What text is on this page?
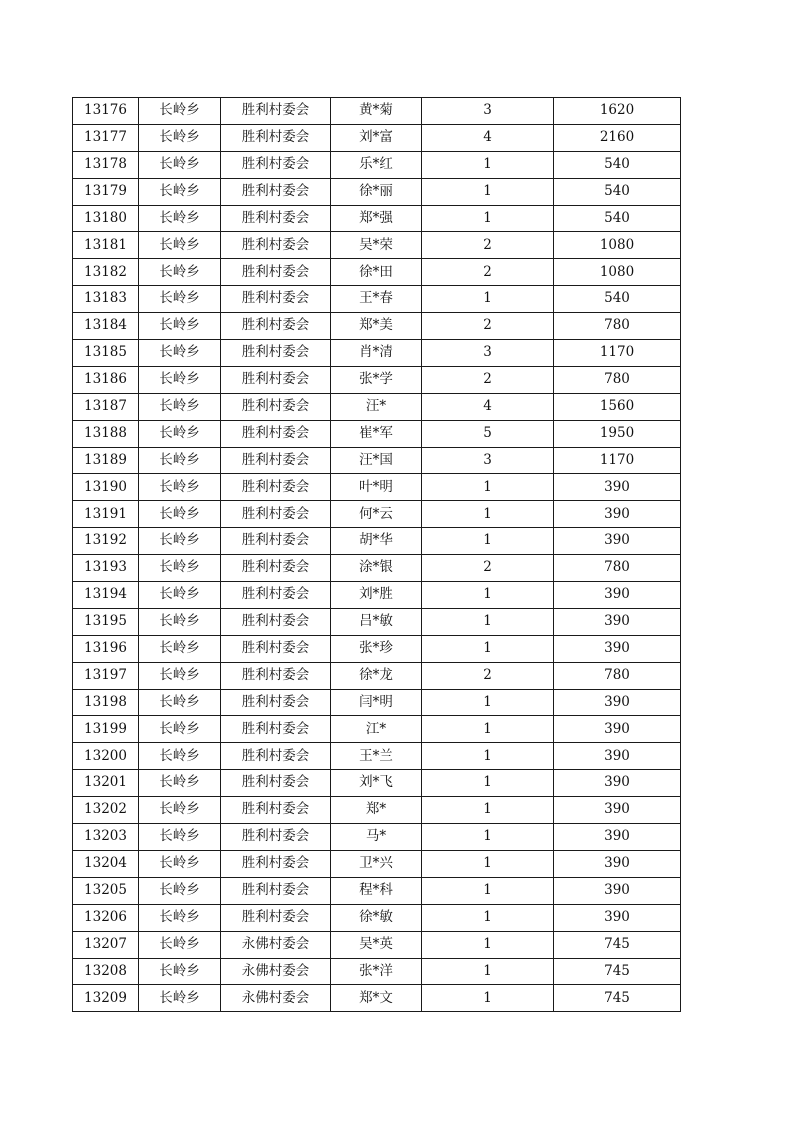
13176	长岭乡	胜利村委会	黄*菊	3	1620
13177	长岭乡	胜利村委会	刘*富	4	2160
13178	长岭乡	胜利村委会	乐*红	1	540
13179	长岭乡	胜利村委会	徐*丽	1	540
13180	长岭乡	胜利村委会	郑*强	1	540
13181	长岭乡	胜利村委会	吴*荣	2	1080
13182	长岭乡	胜利村委会	徐*田	2	1080
13183	长岭乡	胜利村委会	王*春	1	540
13184	长岭乡	胜利村委会	郑*美	2	780
13185	长岭乡	胜利村委会	肖*清	3	1170
13186	长岭乡	胜利村委会	张*学	2	780
13187	长岭乡	胜利村委会	汪*	4	1560
13188	长岭乡	胜利村委会	崔*军	5	1950
13189	长岭乡	胜利村委会	汪*国	3	1170
13190	长岭乡	胜利村委会	叶*明	1	390
13191	长岭乡	胜利村委会	何*云	1	390
13192	长岭乡	胜利村委会	胡*华	1	390
13193	长岭乡	胜利村委会	涂*银	2	780
13194	长岭乡	胜利村委会	刘*胜	1	390
13195	长岭乡	胜利村委会	吕*敏	1	390
13196	长岭乡	胜利村委会	张*珍	1	390
13197	长岭乡	胜利村委会	徐*龙	2	780
13198	长岭乡	胜利村委会	闫*明	1	390
13199	长岭乡	胜利村委会	江*	1	390
13200	长岭乡	胜利村委会	王*兰	1	390
13201	长岭乡	胜利村委会	刘*飞	1	390
13202	长岭乡	胜利村委会	郑*	1	390
13203	长岭乡	胜利村委会	马*	1	390
13204	长岭乡	胜利村委会	卫*兴	1	390
13205	长岭乡	胜利村委会	程*科	1	390
13206	长岭乡	胜利村委会	徐*敏	1	390
13207	长岭乡	永佛村委会	吴*英	1	745
13208	长岭乡	永佛村委会	张*洋	1	745
13209	长岭乡	永佛村委会	郑*文	1	745
